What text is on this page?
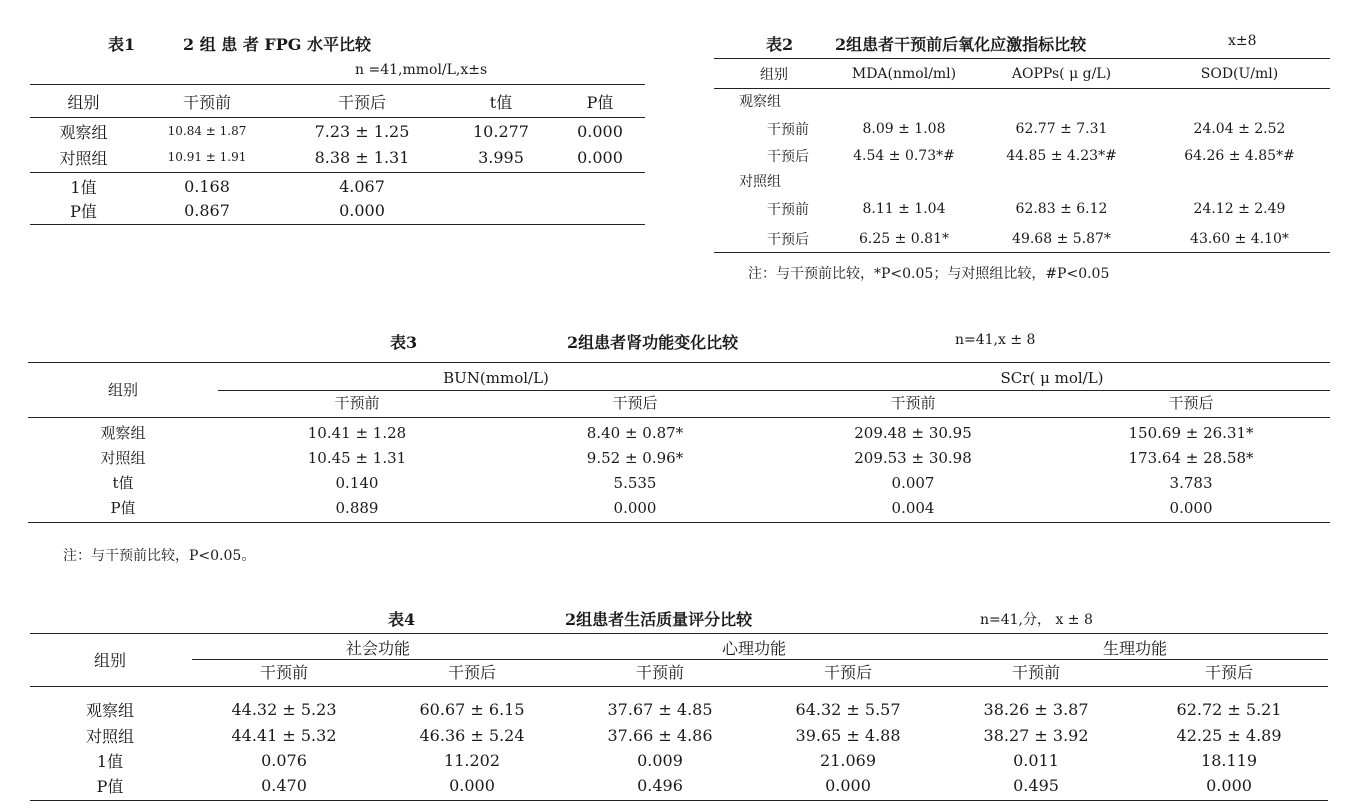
表1	2 组 患 者 FPG 水平比较
n =41,mmol/L,x±s
组别	干预前	干预后	t值	P值

观察组	10.84 ± 1.87	7.23 ± 1.25	10.277	0.000
对照组	10.91 ± 1.91	8.38 ± 1.31	3.995	0.000

1值	0.168	4.067		
P值	0.867	0.000		
表2	2组患者干预前后氧化应激指标比较	x±8
组别	MDA(nmol/ml)	AOPPs( μ g/L)	SOD(U/ml)
观察组			
干预前	8.09 ± 1.08	62.77 ± 7.31	24.04 ± 2.52
干预后	4.54 ± 0.73*#	44.85 ± 4.23*#	64.26 ± 4.85*#
对照组			
干预前	8.11 ± 1.04	62.83 ± 6.12	24.12 ± 2.49
干预后	6.25 ± 0.81*	49.68 ± 5.87*	43.60 ± 4.10*
注：与干预前比较，*P<0.05；与对照组比较，#P<0.05
表3	2组患者肾功能变化比较	n=41,x ± 8
组别	BUN(mmol/L)		SCr( μ mol/L)	
	干预前	干预后	干预前	干预后

观察组	10.41 ± 1.28	8.40 ± 0.87*	209.48 ± 30.95	150.69 ± 26.31*
对照组	10.45 ± 1.31	9.52 ± 0.96*	209.53 ± 30.98	173.64 ± 28.58*
t值	0.140	5.535	0.007	3.783
P值	0.889	0.000	0.004	0.000
注：与干预前比较，P<0.05。
表4	2组患者生活质量评分比较	n=41,分， x ± 8
组别	社会功能		心理功能		生理功能	
	干预前	干预后	干预前	干预后	干预前	干预后

观察组	44.32 ± 5.23	60.67 ± 6.15	37.67 ± 4.85	64.32 ± 5.57	38.26 ± 3.87	62.72 ± 5.21
对照组	44.41 ± 5.32	46.36 ± 5.24	37.66 ± 4.86	39.65 ± 4.88	38.27 ± 3.92	42.25 ± 4.89
1值	0.076	11.202	0.009	21.069	0.011	18.119
P值	0.470	0.000	0.496	0.000	0.495	0.000
